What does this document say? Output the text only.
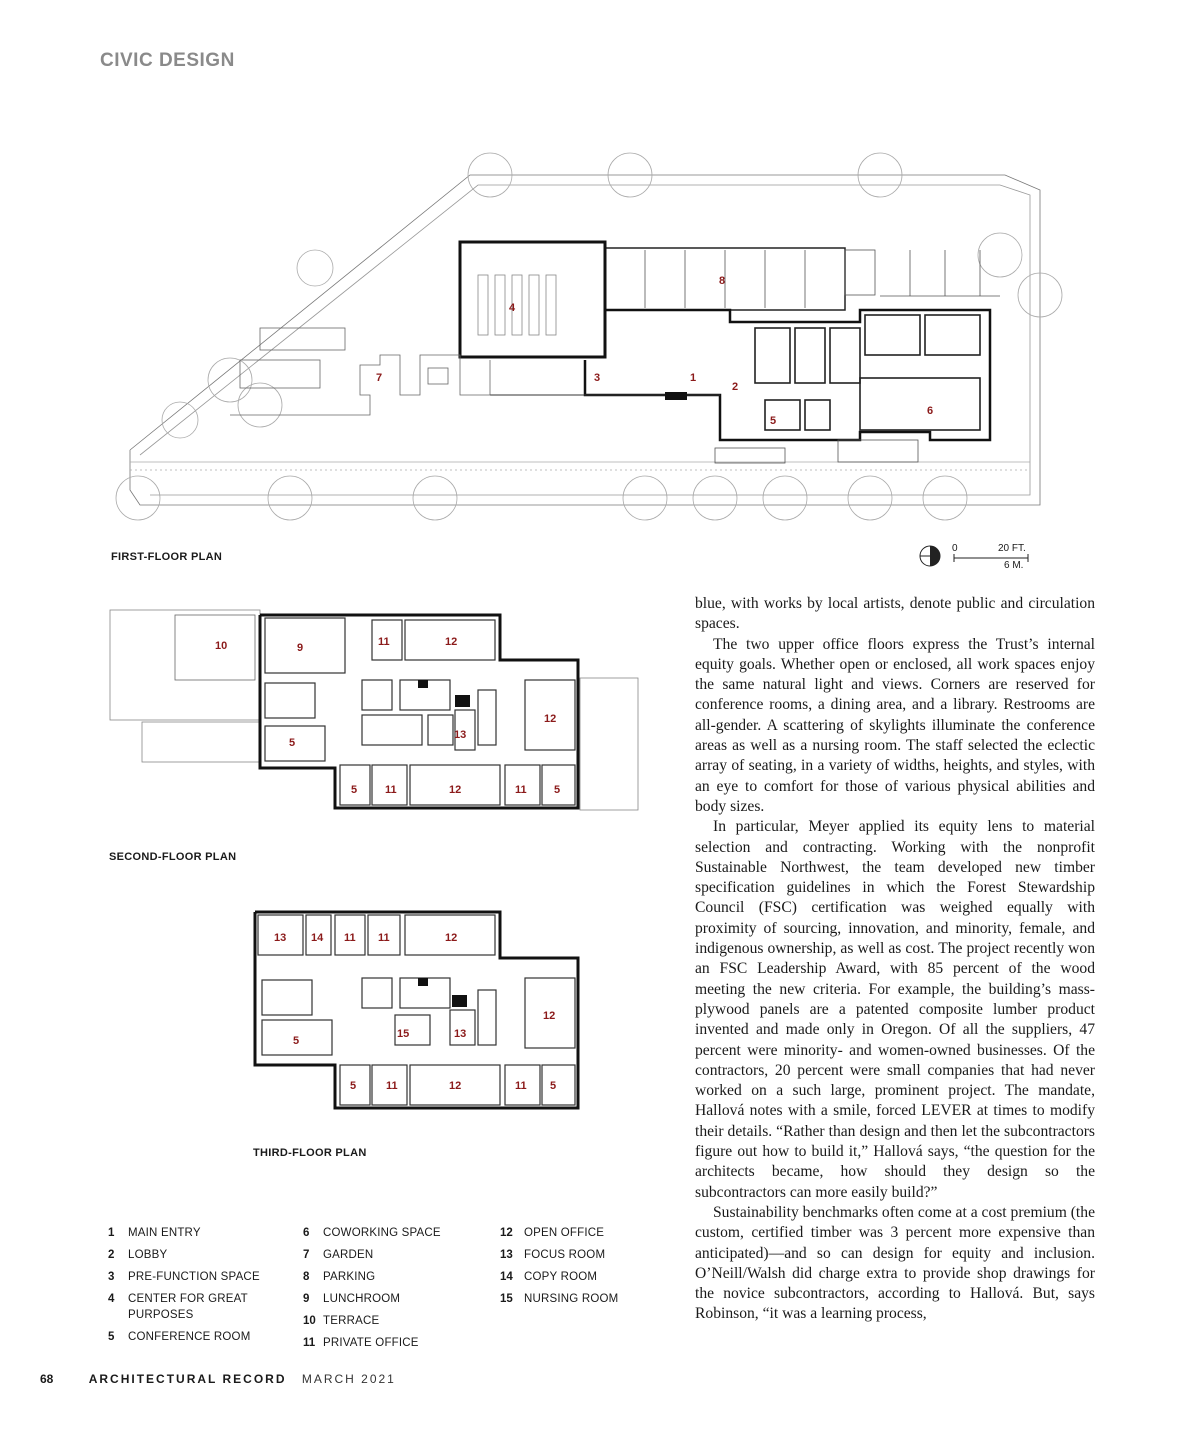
CIVIC DESIGN
8
4
7	3	1
2
6
5
10	9	11	12
12
5
13
5	11	12	11 5
13 14 11 11	12
12
5
15	13
5	11	12	11 5
FIRST-FLOOR PLAN
SECOND-FLOOR PLAN
THIRD-FLOOR PLAN
0	20 FT.
6 M.

blue, with works by local artists, denote public and circulation spaces.

The two upper office floors express the Trust’s internal equity goals. Whether open or enclosed, all work spaces enjoy the same natural light and views. Corners are reserved for conference rooms, a dining area, and a library. Restrooms are all-gender. A scattering of skylights illuminate the conference areas as well as a nursing room. The staff selected the eclectic array of seating, in a variety of widths, heights, and styles, with an eye to comfort for those of various physical abilities and body sizes.

In particular, Meyer applied its equity lens to material selection and contracting. Working with the nonprofit Sustainable Northwest, the team developed new timber specification guidelines in which the Forest Stewardship Council (FSC) certification was weighed equally with proximity of sourcing, innovation, and minority, female, and indigenous ownership, as well as cost. The project recently won an FSC Leadership Award, with 85 percent of the wood meeting the new criteria. For example, the building’s mass-plywood panels are a patented composite lumber product invented and made only in Oregon. Of all the suppliers, 47 percent were minority- and women-owned businesses. Of the contractors, 20 percent were small companies that had never worked on a such large, prominent project. The mandate, Hallová notes with a smile, forced LEVER at times to modify their details. “Rather than design and then let the subcontractors figure out how to build it,” Hallová says, “the question for the architects became, how should they design so the subcontractors can more easily build?”

Sustainability benchmarks often come at a cost premium (the custom, certified timber was 3 percent more expensive than anticipated)—and so can design for equity and inclusion. O’Neill/Walsh did charge extra to provide shop drawings for the novice subcontractors, according to Hallová. But, says Robinson, “it was a learning process,

1	MAIN ENTRY
2	LOBBY
3	PRE-FUNCTION SPACE
4	CENTER FOR GREAT PURPOSES
5	CONFERENCE ROOM
6	COWORKING SPACE
7	GARDEN
8	PARKING
9	LUNCHROOM
10 TERRACE
11 PRIVATE OFFICE
12 OPEN OFFICE
13 FOCUS ROOM
14 COPY ROOM
15 NURSING ROOM
68	ARCHITECTURAL RECORD MARCH 2021
